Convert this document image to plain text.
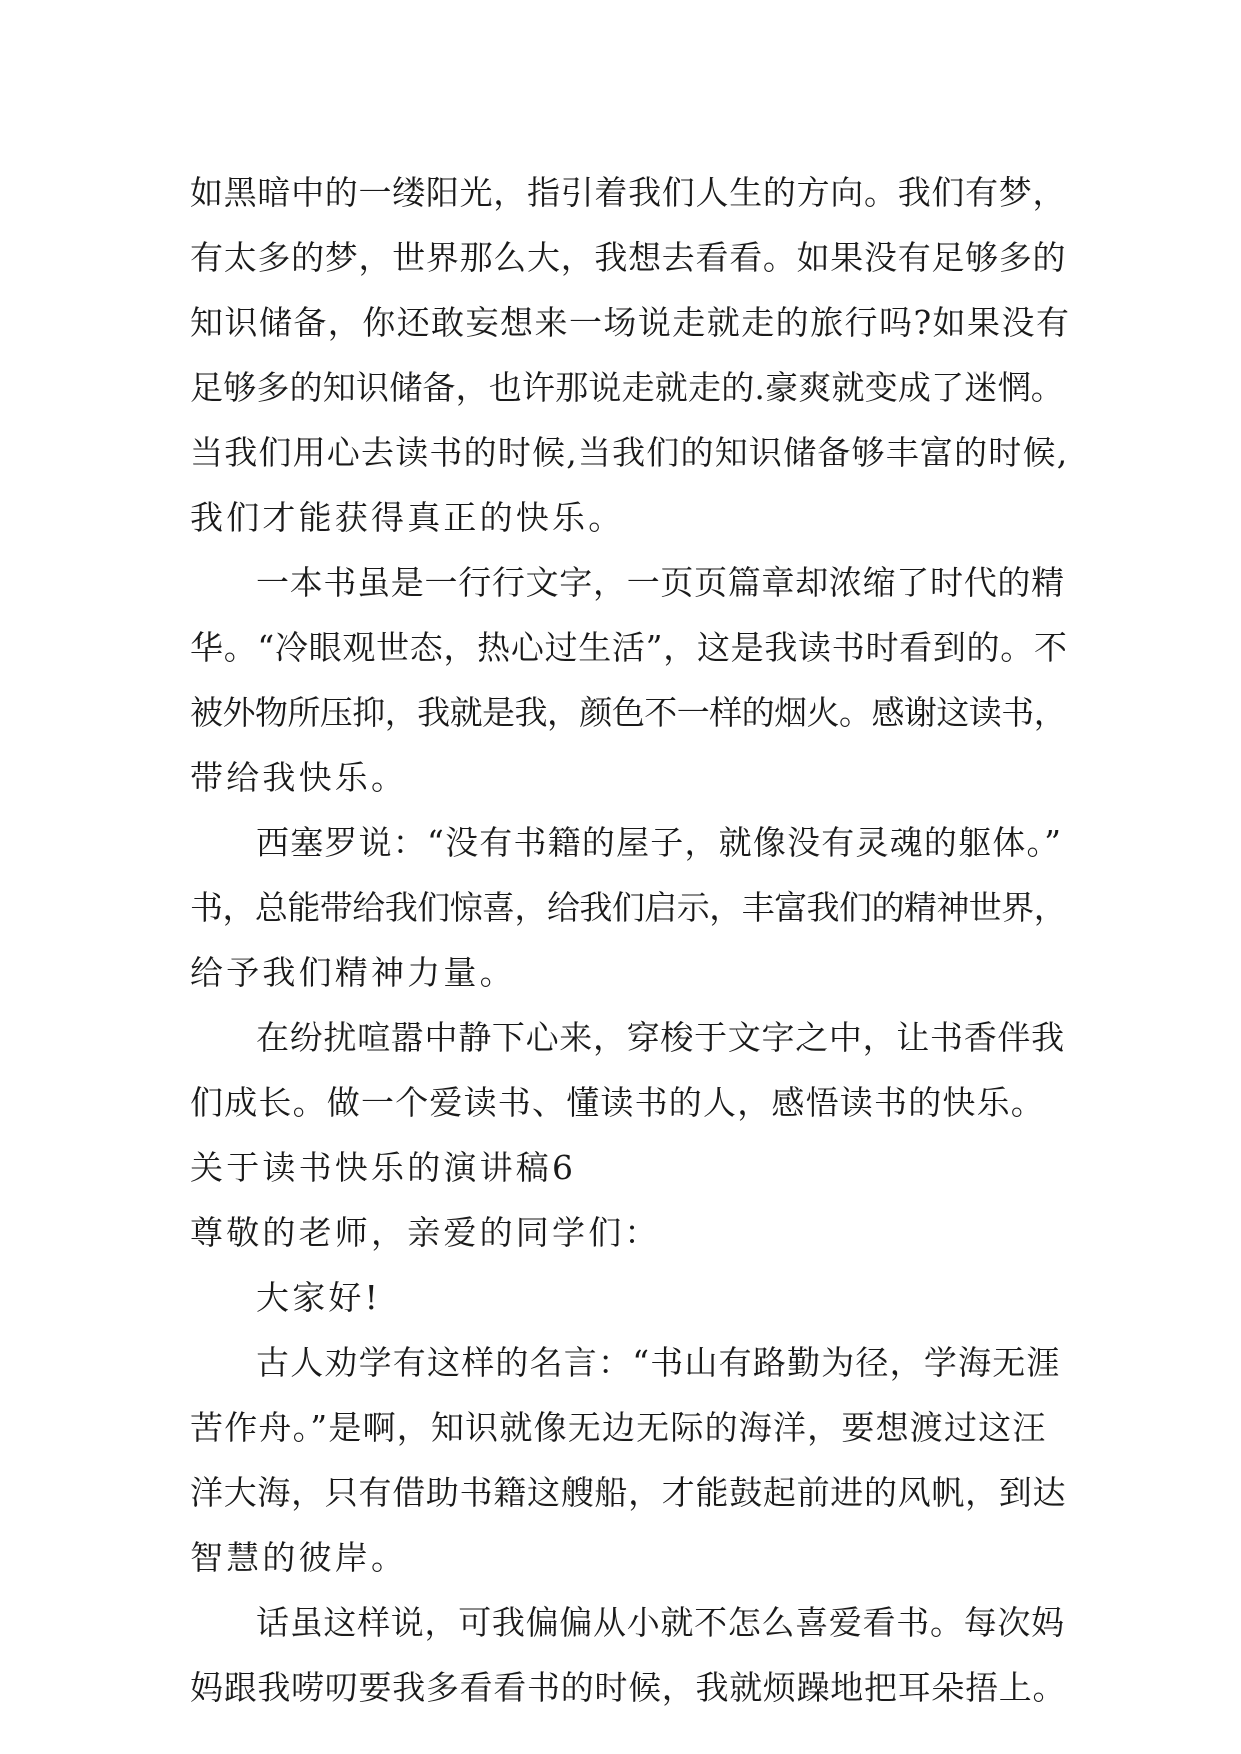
如黑暗中的一缕阳光，指引着我们人生的方向。我们有梦，
有太多的梦，世界那么大，我想去看看。如果没有足够多的
知识储备，你还敢妄想来一场说走就走的旅行吗?如果没有
足够多的知识储备，也许那说走就走的.豪爽就变成了迷惘。
当我们用心去读书的时候,当我们的知识储备够丰富的时候,
我们才能获得真正的快乐。
一本书虽是一行行文字，一页页篇章却浓缩了时代的精
华。“冷眼观世态，热心过生活”，这是我读书时看到的。不
被外物所压抑，我就是我，颜色不一样的烟火。感谢这读书，
带给我快乐。
西塞罗说：“没有书籍的屋子，就像没有灵魂的躯体。”
书，总能带给我们惊喜，给我们启示，丰富我们的精神世界，
给予我们精神力量。
在纷扰喧嚣中静下心来，穿梭于文字之中，让书香伴我
们成长。做一个爱读书、懂读书的人，感悟读书的快乐。
关于读书快乐的演讲稿6
尊敬的老师，亲爱的同学们：
大家好!
古人劝学有这样的名言：“书山有路勤为径，学海无涯
苦作舟。”是啊，知识就像无边无际的海洋，要想渡过这汪
洋大海，只有借助书籍这艘船，才能鼓起前进的风帆，到达
智慧的彼岸。
话虽这样说，可我偏偏从小就不怎么喜爱看书。每次妈
妈跟我唠叨要我多看看书的时候，我就烦躁地把耳朵捂上。
